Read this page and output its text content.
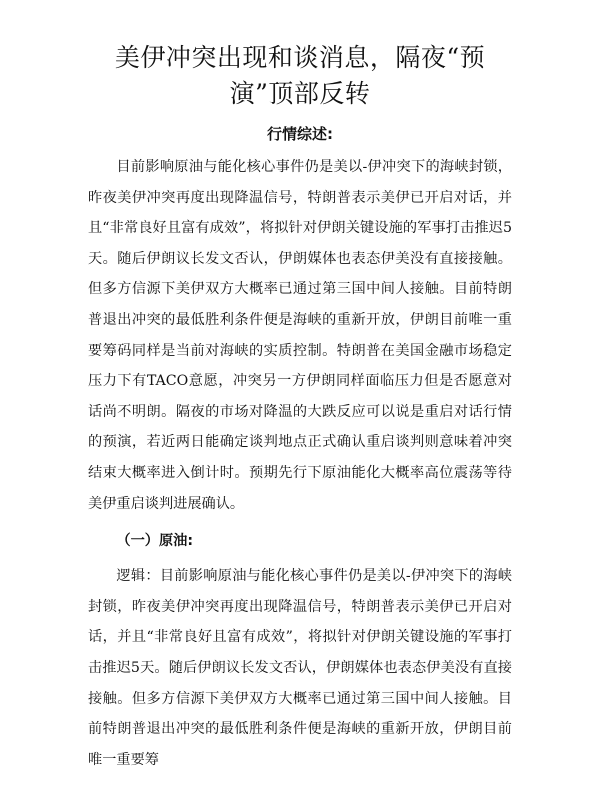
美伊冲突出现和谈消息，隔夜“预演”顶部反转
行情综述:

目前影响原油与能化核心事件仍是美以-伊冲突下的海峡封锁，昨夜美伊冲突再度出现降温信号，特朗普表示美伊已开启对话，并且“非常良好且富有成效”，将拟针对伊朗关键设施的军事打击推迟5天。随后伊朗议长发文否认，伊朗媒体也表态伊美没有直接接触。但多方信源下美伊双方大概率已通过第三国中间人接触。目前特朗普退出冲突的最低胜利条件便是海峡的重新开放，伊朗目前唯一重要筹码同样是当前对海峡的实质控制。特朗普在美国金融市场稳定压力下有TACO意愿，冲突另一方伊朗同样面临压力但是否愿意对话尚不明朗。隔夜的市场对降温的大跌反应可以说是重启对话行情的预演，若近两日能确定谈判地点正式确认重启谈判则意味着冲突结束大概率进入倒计时。预期先行下原油能化大概率高位震荡等待美伊重启谈判进展确认。

（一）原油:

逻辑：目前影响原油与能化核心事件仍是美以-伊冲突下的海峡封锁，昨夜美伊冲突再度出现降温信号，特朗普表示美伊已开启对话，并且“非常良好且富有成效”，将拟针对伊朗关键设施的军事打击推迟5天。随后伊朗议长发文否认，伊朗媒体也表态伊美没有直接接触。但多方信源下美伊双方大概率已通过第三国中间人接触。目前特朗普退出冲突的最低胜利条件便是海峡的重新开放，伊朗目前唯一重要筹
